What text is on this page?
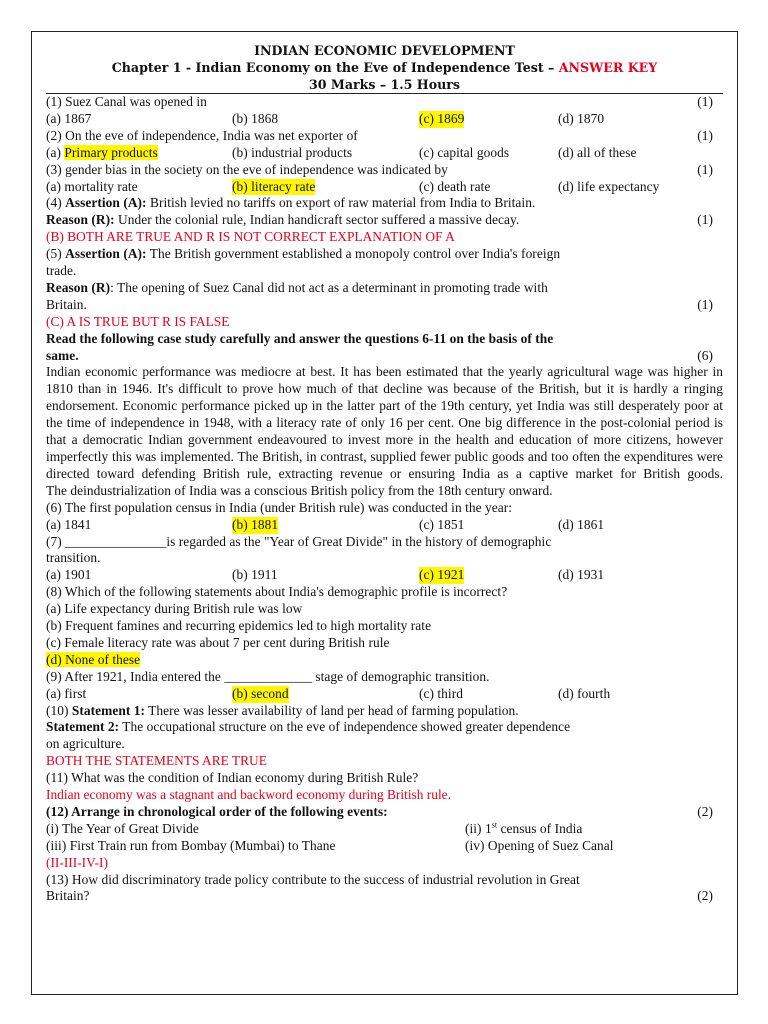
INDIAN ECONOMIC DEVELOPMENT
Chapter 1 - Indian Economy on the Eve of Independence Test – ANSWER KEY
30 Marks – 1.5 Hours
(1) Suez Canal was opened in	(1)
(a) 1867	(b) 1868	(c) 1869	(d) 1870
(2) On the eve of independence, India was net exporter of	(1)
(a) Primary products	(b) industrial products	(c) capital goods	(d) all of these
(3) gender bias in the society on the eve of independence was indicated by	(1)
(a) mortality rate	(b) literacy rate	(c) death rate	(d) life expectancy
(4) Assertion (A): British levied no tariffs on export of raw material from India to Britain.
Reason (R): Under the colonial rule, Indian handicraft sector suffered a massive decay.	(1)
(B) BOTH ARE TRUE AND R IS NOT CORRECT EXPLANATION OF A
(5) Assertion (A): The British government established a monopoly control over India's foreign
trade.
Reason (R): The opening of Suez Canal did not act as a determinant in promoting trade with
Britain.	(1)
(C) A IS TRUE BUT R IS FALSE
Read the following case study carefully and answer the questions 6-11 on the basis of the
same.	(6)
Indian economic performance was mediocre at best. It has been estimated that the yearly agricultural wage was higher in 1810 than in 1946. It's difficult to prove how much of that decline was because of the British, but it is hardly a ringing endorsement. Economic performance picked up in the latter part of the 19th century, yet India was still desperately poor at the time of independence in 1948, with a literacy rate of only 16 per cent. One big difference in the post-colonial period is that a democratic Indian government endeavoured to invest more in the health and education of more citizens, however imperfectly this was implemented. The British, in contrast, supplied fewer public goods and too often the expenditures were directed toward defending British rule, extracting revenue or ensuring India as a captive market for British goods.
The deindustrialization of India was a conscious British policy from the 18th century onward.
(6) The first population census in India (under British rule) was conducted in the year:
(a) 1841	(b) 1881	(c) 1851	(d) 1861
(7) _______________is regarded as the "Year of Great Divide" in the history of demographic
transition.
(a) 1901	(b) 1911	(c) 1921	(d) 1931
(8) Which of the following statements about India's demographic profile is incorrect?
(a) Life expectancy during British rule was low
(b) Frequent famines and recurring epidemics led to high mortality rate
(c) Female literacy rate was about 7 per cent during British rule
(d) None of these
(9) After 1921, India entered the _____________ stage of demographic transition.
(a) first	(b) second	(c) third	(d) fourth
(10) Statement 1: There was lesser availability of land per head of farming population.
Statement 2: The occupational structure on the eve of independence showed greater dependence
on agriculture.
BOTH THE STATEMENTS ARE TRUE
(11) What was the condition of Indian economy during British Rule?
Indian economy was a stagnant and backword economy during British rule.
(12) Arrange in chronological order of the following events:	(2)
(i) The Year of Great Divide	(ii) 1st census of India
(iii) First Train run from Bombay (Mumbai) to Thane	(iv) Opening of Suez Canal
(II-III-IV-I)
(13) How did discriminatory trade policy contribute to the success of industrial revolution in Great
Britain?	(2)
